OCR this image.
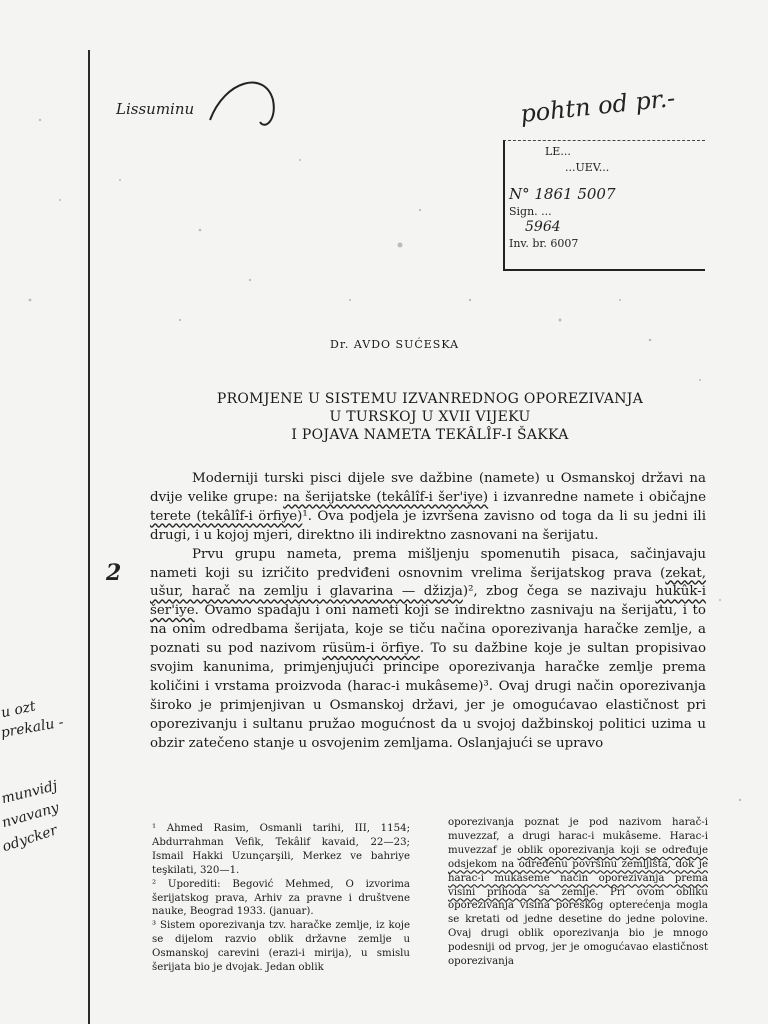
Lissuminu	pohtn od pr.-
2
u ozt
prekalu -
munvidj
nvavany
odycker
LE...
...UEV...
N° 1861 5007
Sign. ...
5964
Inv. br. 6007
Dr. AVDO SUĆESKA
PROMJENE U SISTEMU IZVANREDNOG OPOREZIVANJA
U TURSKOJ U XVII VIJEKU
I POJAVA NAMETA TEKÂLÎF-I ŠAKKA

Moderniji turski pisci dijele sve dažbine (namete) u Osmanskoj državi na dvije velike grupe: na šerijatske (tekâlîf-i šer'iye) i izvanredne namete i običajne terete (tekâlîf-i örfiye)¹. Ova podjela je izvršena zavisno od toga da li su jedni ili drugi, i u kojoj mjeri, direktno ili indirektno zasnovani na šerijatu.

Prvu grupu nameta, prema mišljenju spomenutih pisaca, sačinjavaju nameti koji su izričito predviđeni osnovnim vrelima šerijatskog prava (zekat, ušur, harač na zemlju i glavarina — džizja)², zbog čega se nazivaju hukûk-i šer'iye. Ovamo spadaju i oni nameti koji se indirektno zasnivaju na šerijatu, i to na onim odredbama šerijata, koje se tiču načina oporezivanja haračke zemlje, a poznati su pod nazivom rüsüm-i örfiye. To su dažbine koje je sultan propisivao svojim kanunima, primjenjujući principe oporezivanja haračke zemlje prema količini i vrstama proizvoda (harac-i mukâseme)³. Ovaj drugi način oporezivanja široko je primjenjivan u Osmanskoj državi, jer je omogućavao elastičnost pri oporezivanju i sultanu pružao mogućnost da u svojoj dažbinskoj politici uzima u obzir zatečeno stanje u osvojenim zemljama. Oslanjajući se upravo

¹ Ahmed Rasim, Osmanli tarihi, III, 1154; Abdurrahman Vefik, Tekâlif kavaid, 22—23; Ismail Hakki Uzunçarşili, Merkez ve bahriye teşkilati, 320—1.

² Uporediti: Begović Mehmed, O izvorima šerijatskog prava, Arhiv za pravne i društvene nauke, Beograd 1933. (januar).

³ Sistem oporezivanja tzv. haračke zemlje, iz koje se dijelom razvio oblik državne zemlje u Osmanskoj carevini (erazi-i mirija), u smislu šerijata bio je dvojak. Jedan oblik

oporezivanja poznat je pod nazivom harač-i muvezzaf, a drugi harac-i mukâseme. Harac-i muvezzaf je oblik oporezivanja koji se određuje odsjekom na određenu površinu zemljišta, dok je harac-i mukâseme način oporezivanja prema visini prihoda sa zemlje. Pri ovom obliku oporezivanja visina poreskog opterećenja mogla se kretati od jedne desetine do jedne polovine. Ovaj drugi oblik oporezivanja bio je mnogo podesniji od prvog, jer je omogućavao elastičnost oporezivanja
